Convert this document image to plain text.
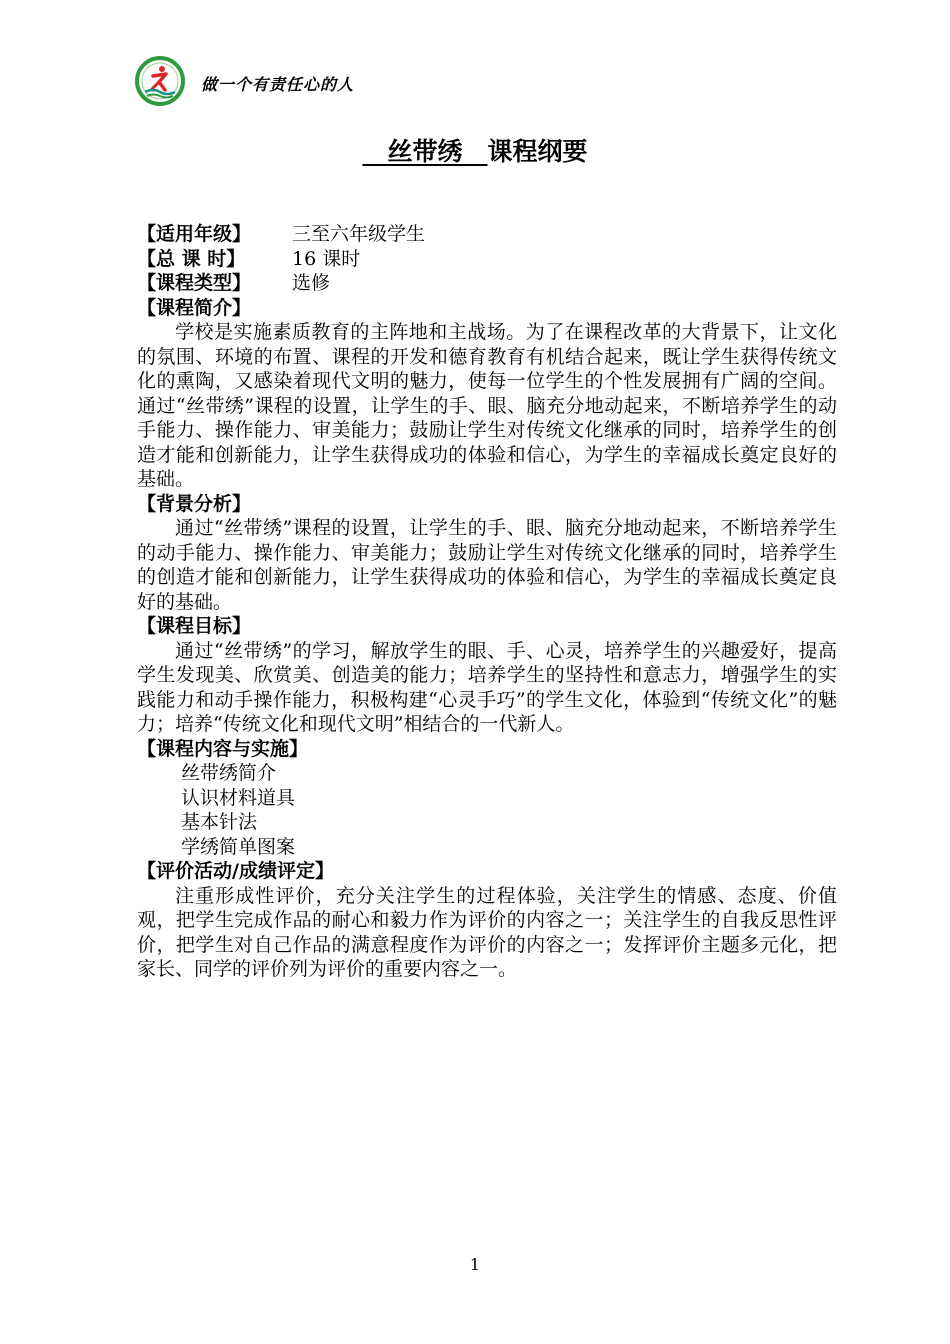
做一个有责任心的人
　丝带绣　课程纲要
【适用年级】	三至六年级学生
【总 课 时】	16 课时
【课程类型】	选修
【课程简介】

学校是实施素质教育的主阵地和主战场。为了在课程改革的大背景下，让文化的氛围、环境的布置、课程的开发和德育教育有机结合起来，既让学生获得传统文化的熏陶，又感染着现代文明的魅力，使每一位学生的个性发展拥有广阔的空间。通过“丝带绣”课程的设置，让学生的手、眼、脑充分地动起来，不断培养学生的动手能力、操作能力、审美能力；鼓励让学生对传统文化继承的同时，培养学生的创造才能和创新能力，让学生获得成功的体验和信心，为学生的幸福成长奠定良好的基础。

【背景分析】

通过“丝带绣”课程的设置，让学生的手、眼、脑充分地动起来，不断培养学生的动手能力、操作能力、审美能力；鼓励让学生对传统文化继承的同时，培养学生的创造才能和创新能力，让学生获得成功的体验和信心，为学生的幸福成长奠定良好的基础。

【课程目标】

通过“丝带绣”的学习，解放学生的眼、手、心灵，培养学生的兴趣爱好，提高学生发现美、欣赏美、创造美的能力；培养学生的坚持性和意志力，增强学生的实践能力和动手操作能力，积极构建“心灵手巧”的学生文化，体验到“传统文化”的魅力；培养“传统文化和现代文明”相结合的一代新人。

【课程内容与实施】
丝带绣简介
认识材料道具
基本针法
学绣简单图案
【评价活动/成绩评定】

注重形成性评价，充分关注学生的过程体验，关注学生的情感、态度、价值观，把学生完成作品的耐心和毅力作为评价的内容之一；关注学生的自我反思性评价，把学生对自己作品的满意程度作为评价的内容之一；发挥评价主题多元化，把家长、同学的评价列为评价的重要内容之一。

1
